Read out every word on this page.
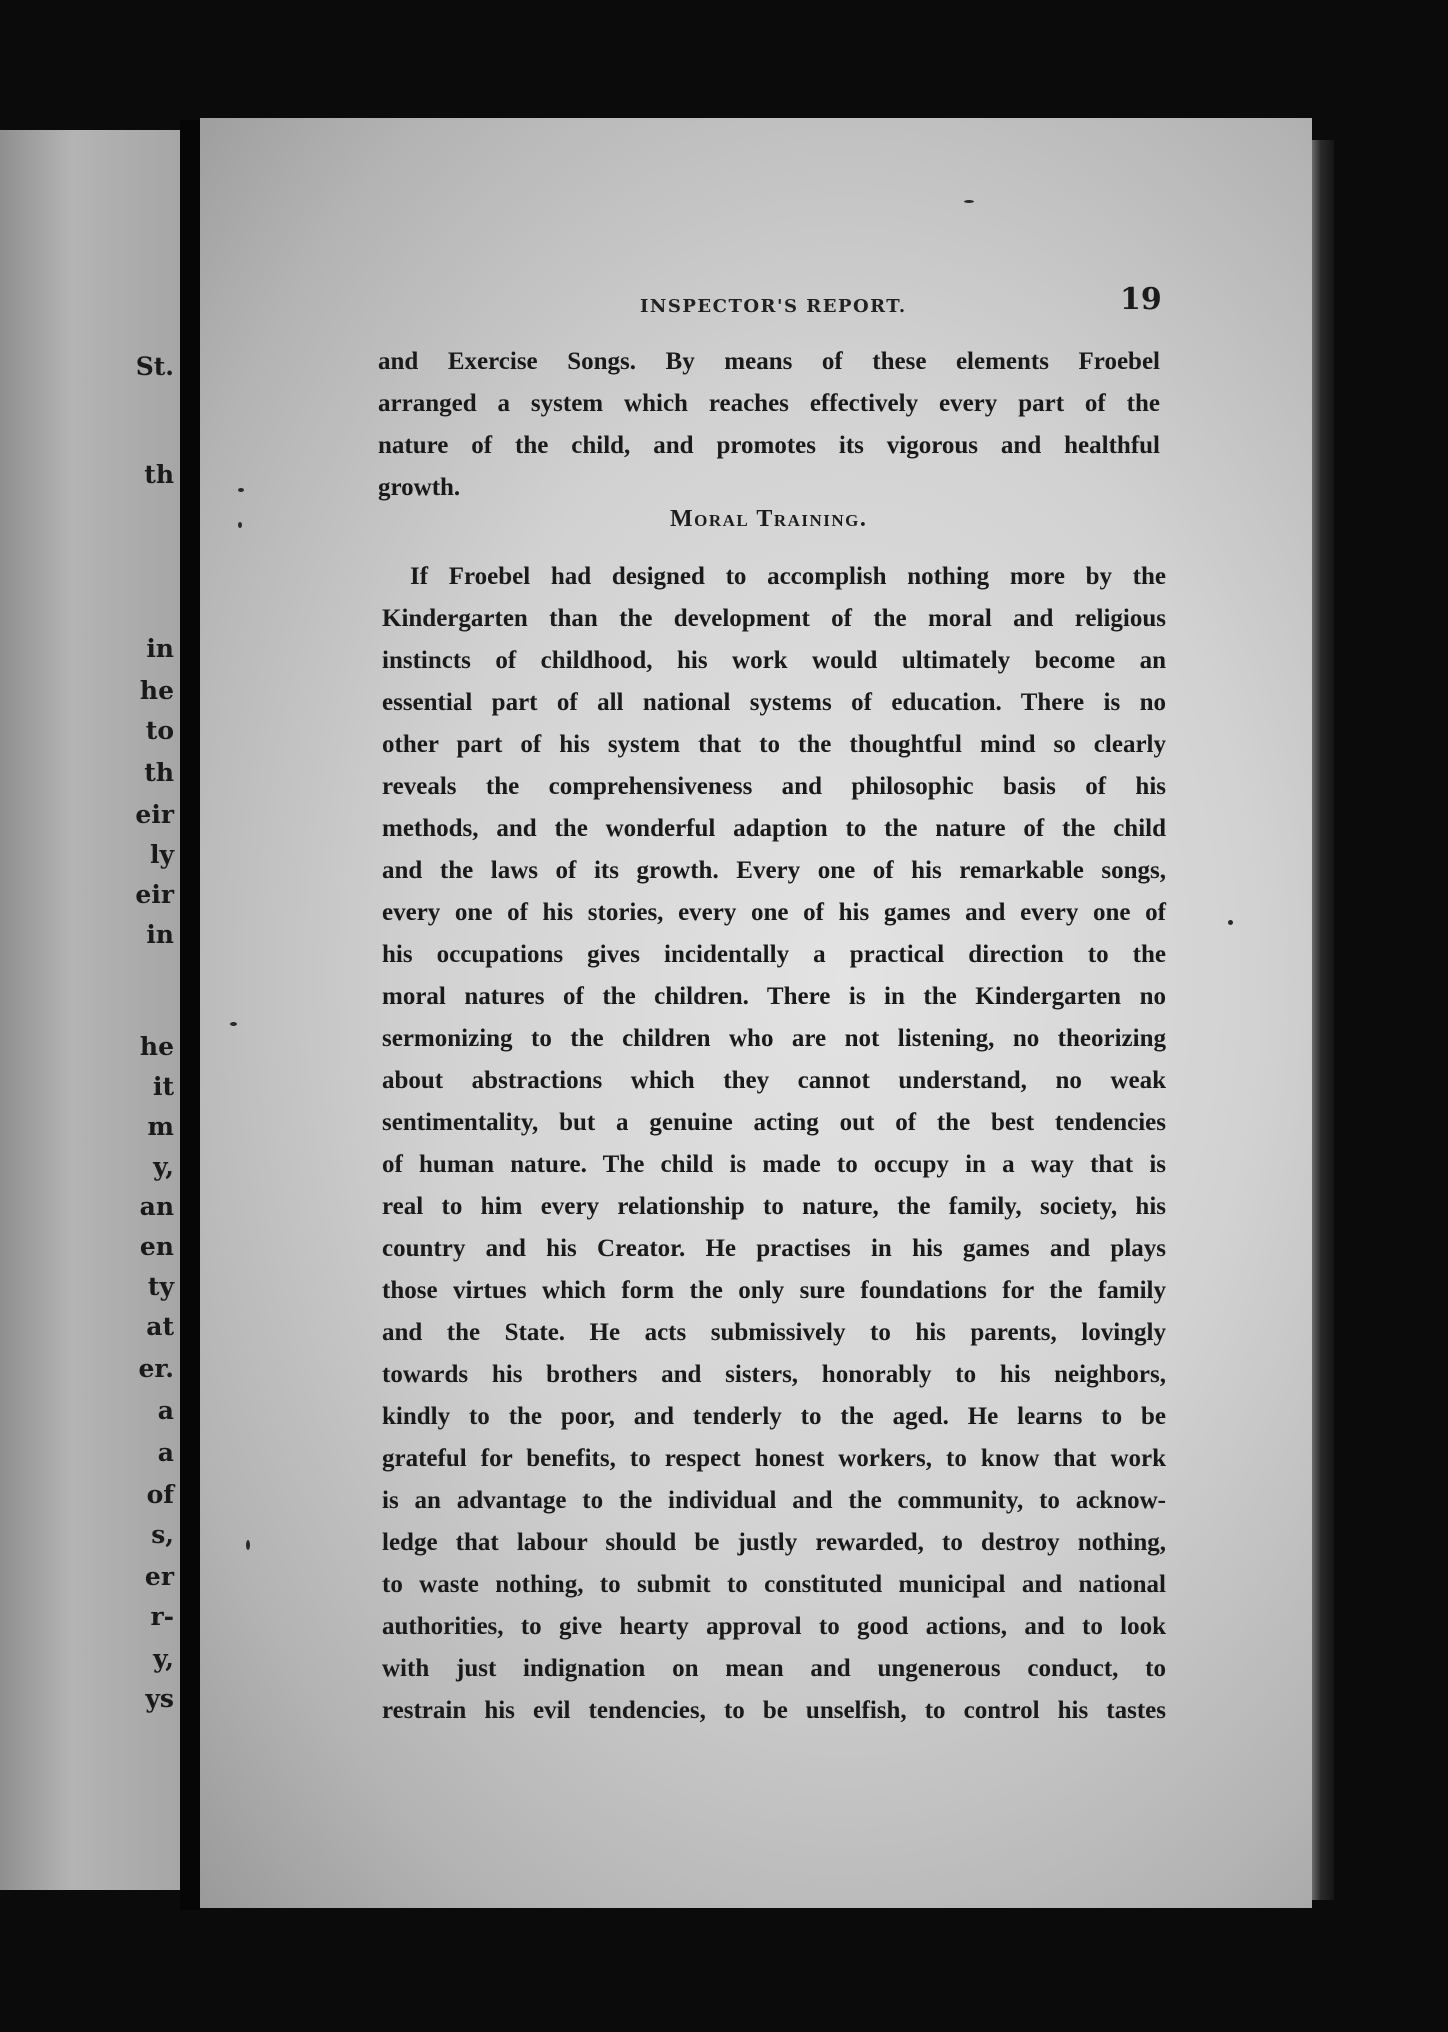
St.
th
in
he
to
th
eir
ly
eir
in
he
it
m
y,
an
en
ty
at
er.
a
a
of
s,
er
r-
y,
ys
INSPECTOR'S REPORT.	19
and Exercise Songs. By means of these elements Froebel
arranged a system which reaches effectively every part of the
nature of the child, and promotes its vigorous and healthful
growth.
Moral Training.
If Froebel had designed to accomplish nothing more by the
Kindergarten than the development of the moral and religious
instincts of childhood, his work would ultimately become an
essential part of all national systems of education. There is no
other part of his system that to the thoughtful mind so clearly
reveals the comprehensiveness and philosophic basis of his
methods, and the wonderful adaption to the nature of the child
and the laws of its growth. Every one of his remarkable songs,
every one of his stories, every one of his games and every one of
his occupations gives incidentally a practical direction to the
moral natures of the children. There is in the Kindergarten no
sermonizing to the children who are not listening, no theorizing
about abstractions which they cannot understand, no weak
sentimentality, but a genuine acting out of the best tendencies
of human nature. The child is made to occupy in a way that is
real to him every relationship to nature, the family, society, his
country and his Creator. He practises in his games and plays
those virtues which form the only sure foundations for the family
and the State. He acts submissively to his parents, lovingly
towards his brothers and sisters, honorably to his neighbors,
kindly to the poor, and tenderly to the aged. He learns to be
grateful for benefits, to respect honest workers, to know that work
is an advantage to the individual and the community, to acknow-
ledge that labour should be justly rewarded, to destroy nothing,
to waste nothing, to submit to constituted municipal and national
authorities, to give hearty approval to good actions, and to look
with just indignation on mean and ungenerous conduct, to
restrain his evil tendencies, to be unselfish, to control his tastes
